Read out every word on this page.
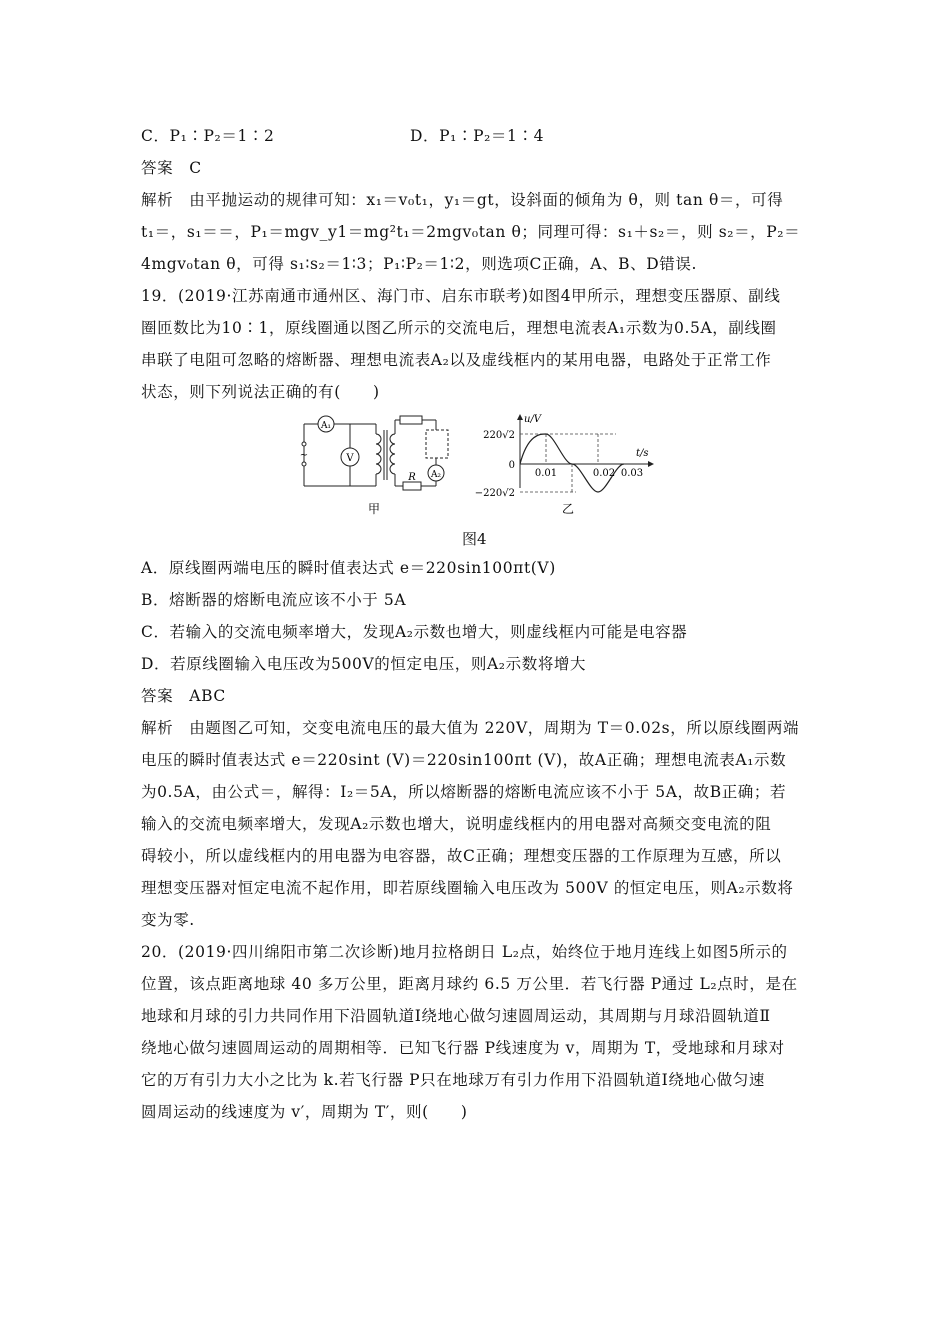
C．P₁∶P₂＝1∶2	D．P₁∶P₂＝1∶4
答案　C
解析　由平抛运动的规律可知：x₁＝v₀t₁，y₁＝gt，设斜面的倾角为 θ，则 tan θ＝，可得
t₁＝，s₁＝＝，P₁＝mgv_y1＝mg²t₁＝2mgv₀tan θ；同理可得：s₁＋s₂＝，则 s₂＝，P₂＝
4mgv₀tan θ，可得 s₁∶s₂＝1∶3；P₁∶P₂＝1∶2，则选项C正确，A、B、D错误.
19．(2019·江苏南通市通州区、海门市、启东市联考)如图4甲所示，理想变压器原、副线
圈匝数比为10∶1，原线圈通以图乙所示的交流电后，理想电流表A₁示数为0.5A，副线圈
串联了电阻可忽略的熔断器、理想电流表A₂以及虚线框内的某用电器，电路处于正常工作
状态，则下列说法正确的有(　　)
A₁
V
A₂
~
R
甲
u/V
t/s
220√2
−220√2
0
0.01	0.02 0.03
乙
图4
A．原线圈两端电压的瞬时值表达式 e＝220sin100πt(V)
B．熔断器的熔断电流应该不小于 5A
C．若输入的交流电频率增大，发现A₂示数也增大，则虚线框内可能是电容器
D．若原线圈输入电压改为500V的恒定电压，则A₂示数将增大
答案　ABC
解析　由题图乙可知，交变电流电压的最大值为 220V，周期为 T＝0.02s，所以原线圈两端
电压的瞬时值表达式 e＝220sint (V)＝220sin100πt (V)，故A正确；理想电流表A₁示数
为0.5A，由公式＝，解得：I₂＝5A，所以熔断器的熔断电流应该不小于 5A，故B正确；若
输入的交流电频率增大，发现A₂示数也增大，说明虚线框内的用电器对高频交变电流的阻
碍较小，所以虚线框内的用电器为电容器，故C正确；理想变压器的工作原理为互感，所以
理想变压器对恒定电流不起作用，即若原线圈输入电压改为 500V 的恒定电压，则A₂示数将
变为零.
20．(2019·四川绵阳市第二次诊断)地月拉格朗日 L₂点，始终位于地月连线上如图5所示的
位置，该点距离地球 40 多万公里，距离月球约 6.5 万公里．若飞行器 P通过 L₂点时，是在
地球和月球的引力共同作用下沿圆轨道Ⅰ绕地心做匀速圆周运动，其周期与月球沿圆轨道Ⅱ
绕地心做匀速圆周运动的周期相等．已知飞行器 P线速度为 v，周期为 T，受地球和月球对
它的万有引力大小之比为 k.若飞行器 P只在地球万有引力作用下沿圆轨道Ⅰ绕地心做匀速
圆周运动的线速度为 v′，周期为 T′，则(　　)
